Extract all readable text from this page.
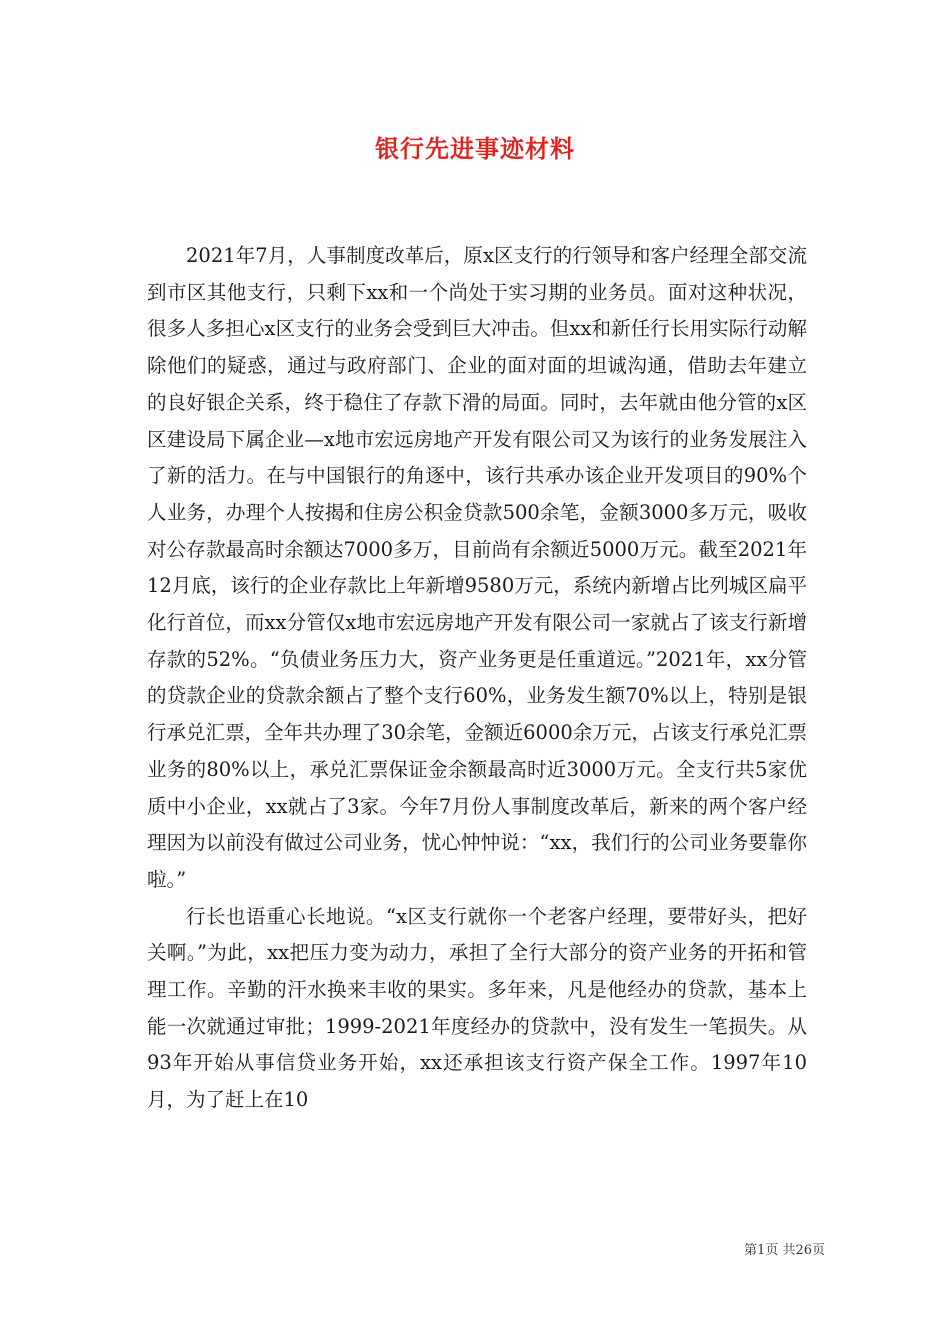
银行先进事迹材料

2021年7月，人事制度改革后，原x区支行的行领导和客户经理全部交流到市区其他支行，只剩下xx和一个尚处于实习期的业务员。面对这种状况，很多人多担心x区支行的业务会受到巨大冲击。但xx和新任行长用实际行动解除他们的疑惑，通过与政府部门、企业的面对面的坦诚沟通，借助去年建立的良好银企关系，终于稳住了存款下滑的局面。同时，去年就由他分管的x区区建设局下属企业—x地市宏远房地产开发有限公司又为该行的业务发展注入了新的活力。在与中国银行的角逐中，该行共承办该企业开发项目的90%个人业务，办理个人按揭和住房公积金贷款500余笔，金额3000多万元，吸收对公存款最高时余额达7000多万，目前尚有余额近5000万元。截至2021年12月底，该行的企业存款比上年新增9580万元，系统内新增占比列城区扁平化行首位，而xx分管仅x地市宏远房地产开发有限公司一家就占了该支行新增存款的52%。“负债业务压力大，资产业务更是任重道远。”2021年，xx分管的贷款企业的贷款余额占了整个支行60%，业务发生额70%以上，特别是银行承兑汇票，全年共办理了30余笔，金额近6000余万元，占该支行承兑汇票业务的80%以上，承兑汇票保证金余额最高时近3000万元。全支行共5家优质中小企业，xx就占了3家。今年7月份人事制度改革后，新来的两个客户经理因为以前没有做过公司业务，忧心忡忡说：“xx，我们行的公司业务要靠你啦。”

行长也语重心长地说。“x区支行就你一个老客户经理，要带好头，把好关啊。”为此，xx把压力变为动力，承担了全行大部分的资产业务的开拓和管理工作。辛勤的汗水换来丰收的果实。多年来，凡是他经办的贷款，基本上能一次就通过审批；1999-2021年度经办的贷款中，没有发生一笔损失。从93年开始从事信贷业务开始，xx还承担该支行资产保全工作。1997年10月，为了赶上在10

第1页 共26页
